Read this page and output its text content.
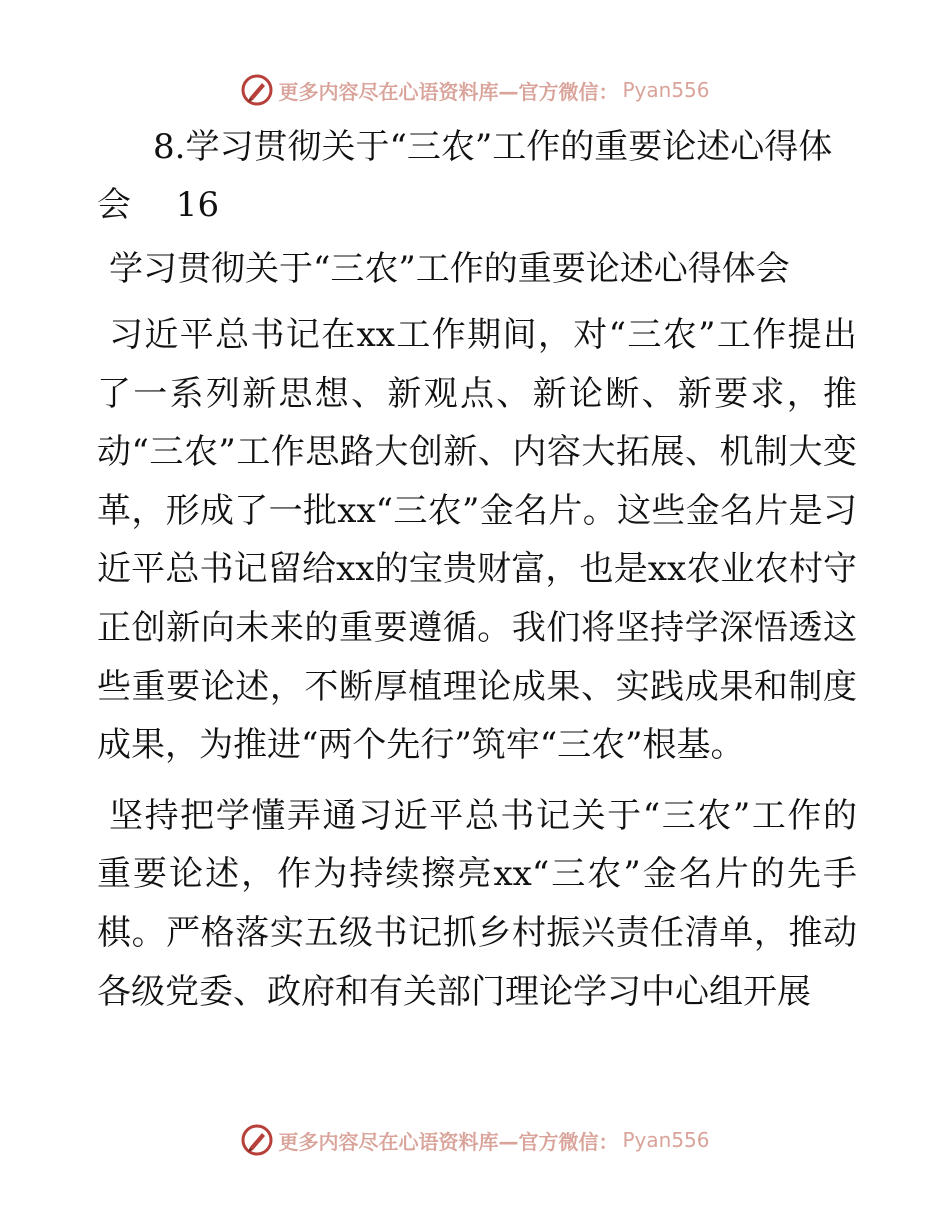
更多内容尽在心语资料库—官方微信： Pyan556
8.学习贯彻关于“三农”工作的重要论述心得体会　 16
学习贯彻关于“三农”工作的重要论述心得体会

习近平总书记在xx工作期间，对“三农”工作提出了一系列新思想、新观点、新论断、新要求，推动“三农”工作思路大创新、内容大拓展、机制大变革，形成了一批xx“三农”金名片。这些金名片是习近平总书记留给xx的宝贵财富，也是xx农业农村守正创新向未来的重要遵循。我们将坚持学深悟透这些重要论述，不断厚植理论成果、实践成果和制度成果，为推进“两个先行”筑牢“三农”根基。

坚持把学懂弄通习近平总书记关于“三农”工作的重要论述，作为持续擦亮xx“三农”金名片的先手棋。严格落实五级书记抓乡村振兴责任清单，推动各级党委、政府和有关部门理论学习中心组开展

更多内容尽在心语资料库—官方微信： Pyan556
